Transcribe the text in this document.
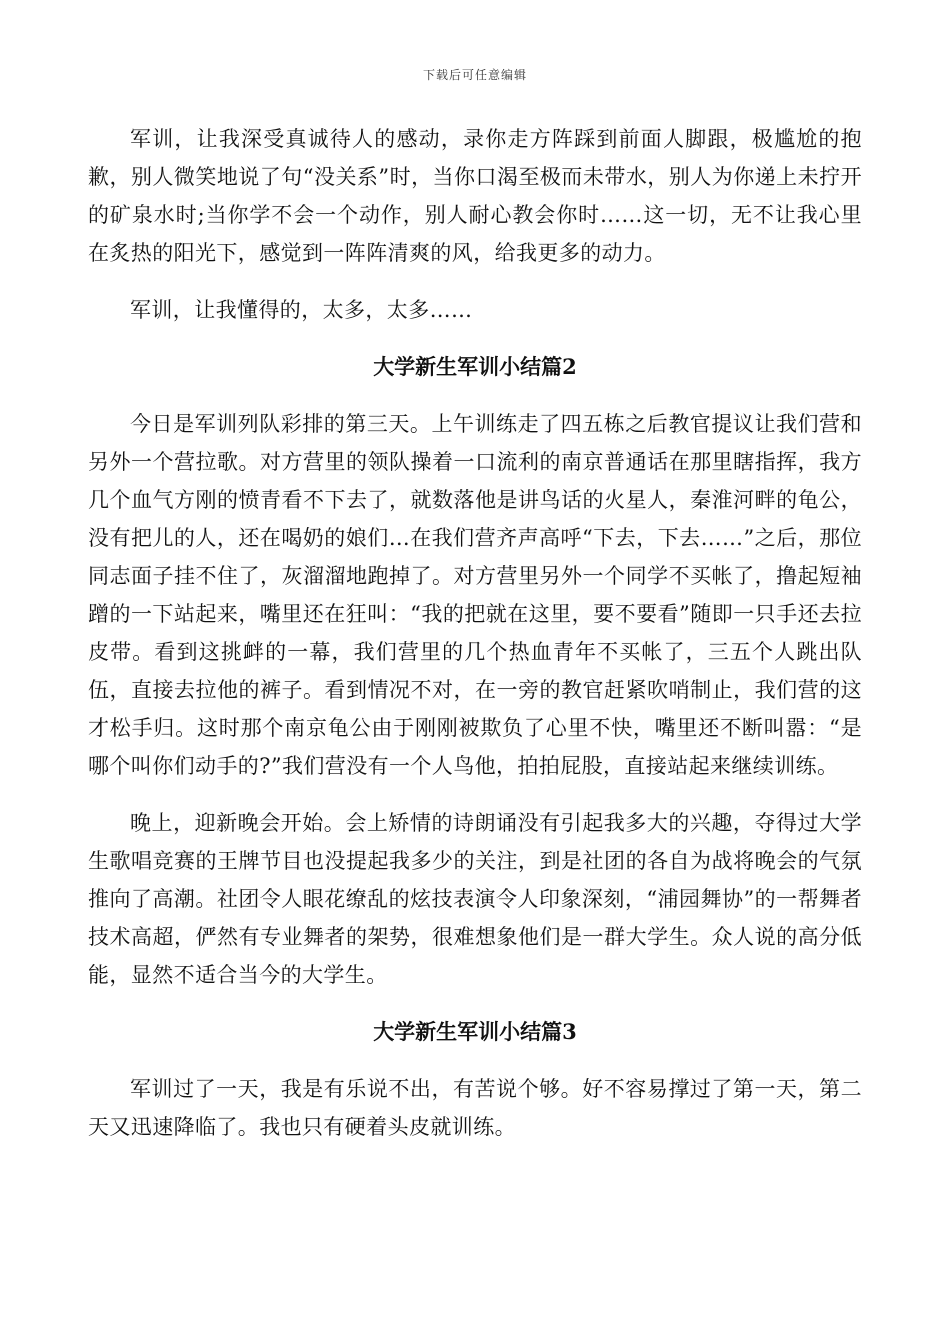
下载后可任意编辑

军训，让我深受真诚待人的感动，录你走方阵踩到前面人脚跟，极尴尬的抱歉，别人微笑地说了句“没关系”时，当你口渴至极而未带水，别人为你递上未拧开的矿泉水时;当你学不会一个动作，别人耐心教会你时……这一切，无不让我心里在炙热的阳光下，感觉到一阵阵清爽的风，给我更多的动力。

军训，让我懂得的，太多，太多……

大学新生军训小结篇2

今日是军训列队彩排的第三天。上午训练走了四五栋之后教官提议让我们营和另外一个营拉歌。对方营里的领队操着一口流利的南京普通话在那里瞎指挥，我方几个血气方刚的愤青看不下去了，就数落他是讲鸟话的火星人，秦淮河畔的龟公，没有把儿的人，还在喝奶的娘们…在我们营齐声高呼“下去，下去……”之后，那位同志面子挂不住了，灰溜溜地跑掉了。对方营里另外一个同学不买帐了，撸起短袖蹭的一下站起来，嘴里还在狂叫：“我的把就在这里，要不要看”随即一只手还去拉皮带。看到这挑衅的一幕，我们营里的几个热血青年不买帐了，三五个人跳出队伍，直接去拉他的裤子。看到情况不对，在一旁的教官赶紧吹哨制止，我们营的这才松手归。这时那个南京龟公由于刚刚被欺负了心里不快，嘴里还不断叫嚣：“是哪个叫你们动手的?”我们营没有一个人鸟他，拍拍屁股，直接站起来继续训练。

晚上，迎新晚会开始。会上矫情的诗朗诵没有引起我多大的兴趣，夺得过大学生歌唱竞赛的王牌节目也没提起我多少的关注，到是社团的各自为战将晚会的气氛推向了高潮。社团令人眼花缭乱的炫技表演令人印象深刻，“浦园舞协”的一帮舞者技术高超，俨然有专业舞者的架势，很难想象他们是一群大学生。众人说的高分低能，显然不适合当今的大学生。

大学新生军训小结篇3

军训过了一天，我是有乐说不出，有苦说个够。好不容易撑过了第一天，第二天又迅速降临了。我也只有硬着头皮就训练。
